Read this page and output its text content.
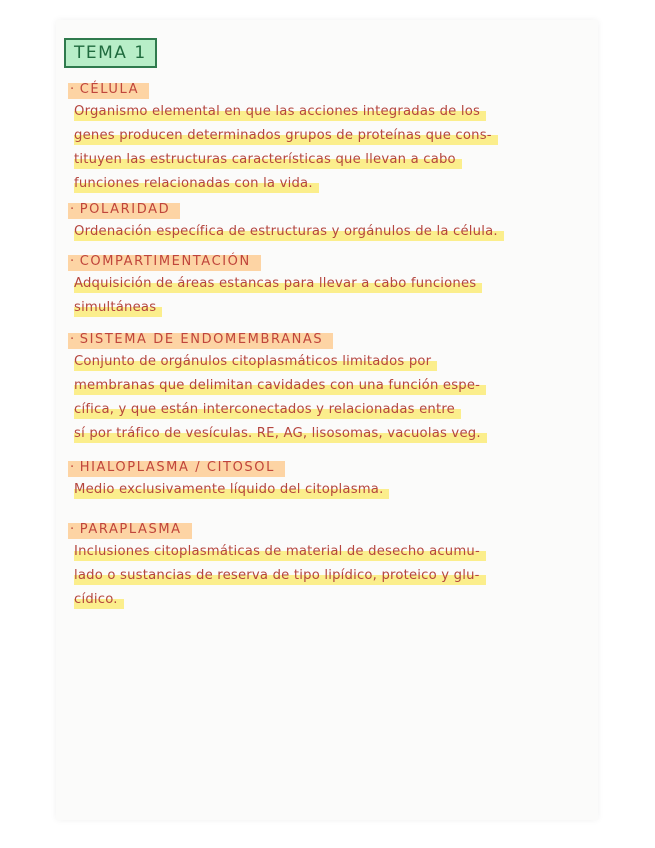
TEMA 1
· CÉLULA
Organismo elemental en que las acciones integradas de los
genes producen determinados grupos de proteínas que cons-
tituyen las estructuras características que llevan a cabo
funciones relacionadas con la vida.
· POLARIDAD
Ordenación específica de estructuras y orgánulos de la célula.
· COMPARTIMENTACIÓN
Adquisición de áreas estancas para llevar a cabo funciones
simultáneas
· SISTEMA DE ENDOMEMBRANAS
Conjunto de orgánulos citoplasmáticos limitados por
membranas que delimitan cavidades con una función espe-
cífica, y que están interconectados y relacionadas entre
sí por tráfico de vesículas. RE, AG, lisosomas, vacuolas veg.
· HIALOPLASMA / CITOSOL
Medio exclusivamente líquido del citoplasma.
· PARAPLASMA
Inclusiones citoplasmáticas de material de desecho acumu-
lado o sustancias de reserva de tipo lipídico, proteico y glu-
cídico.
